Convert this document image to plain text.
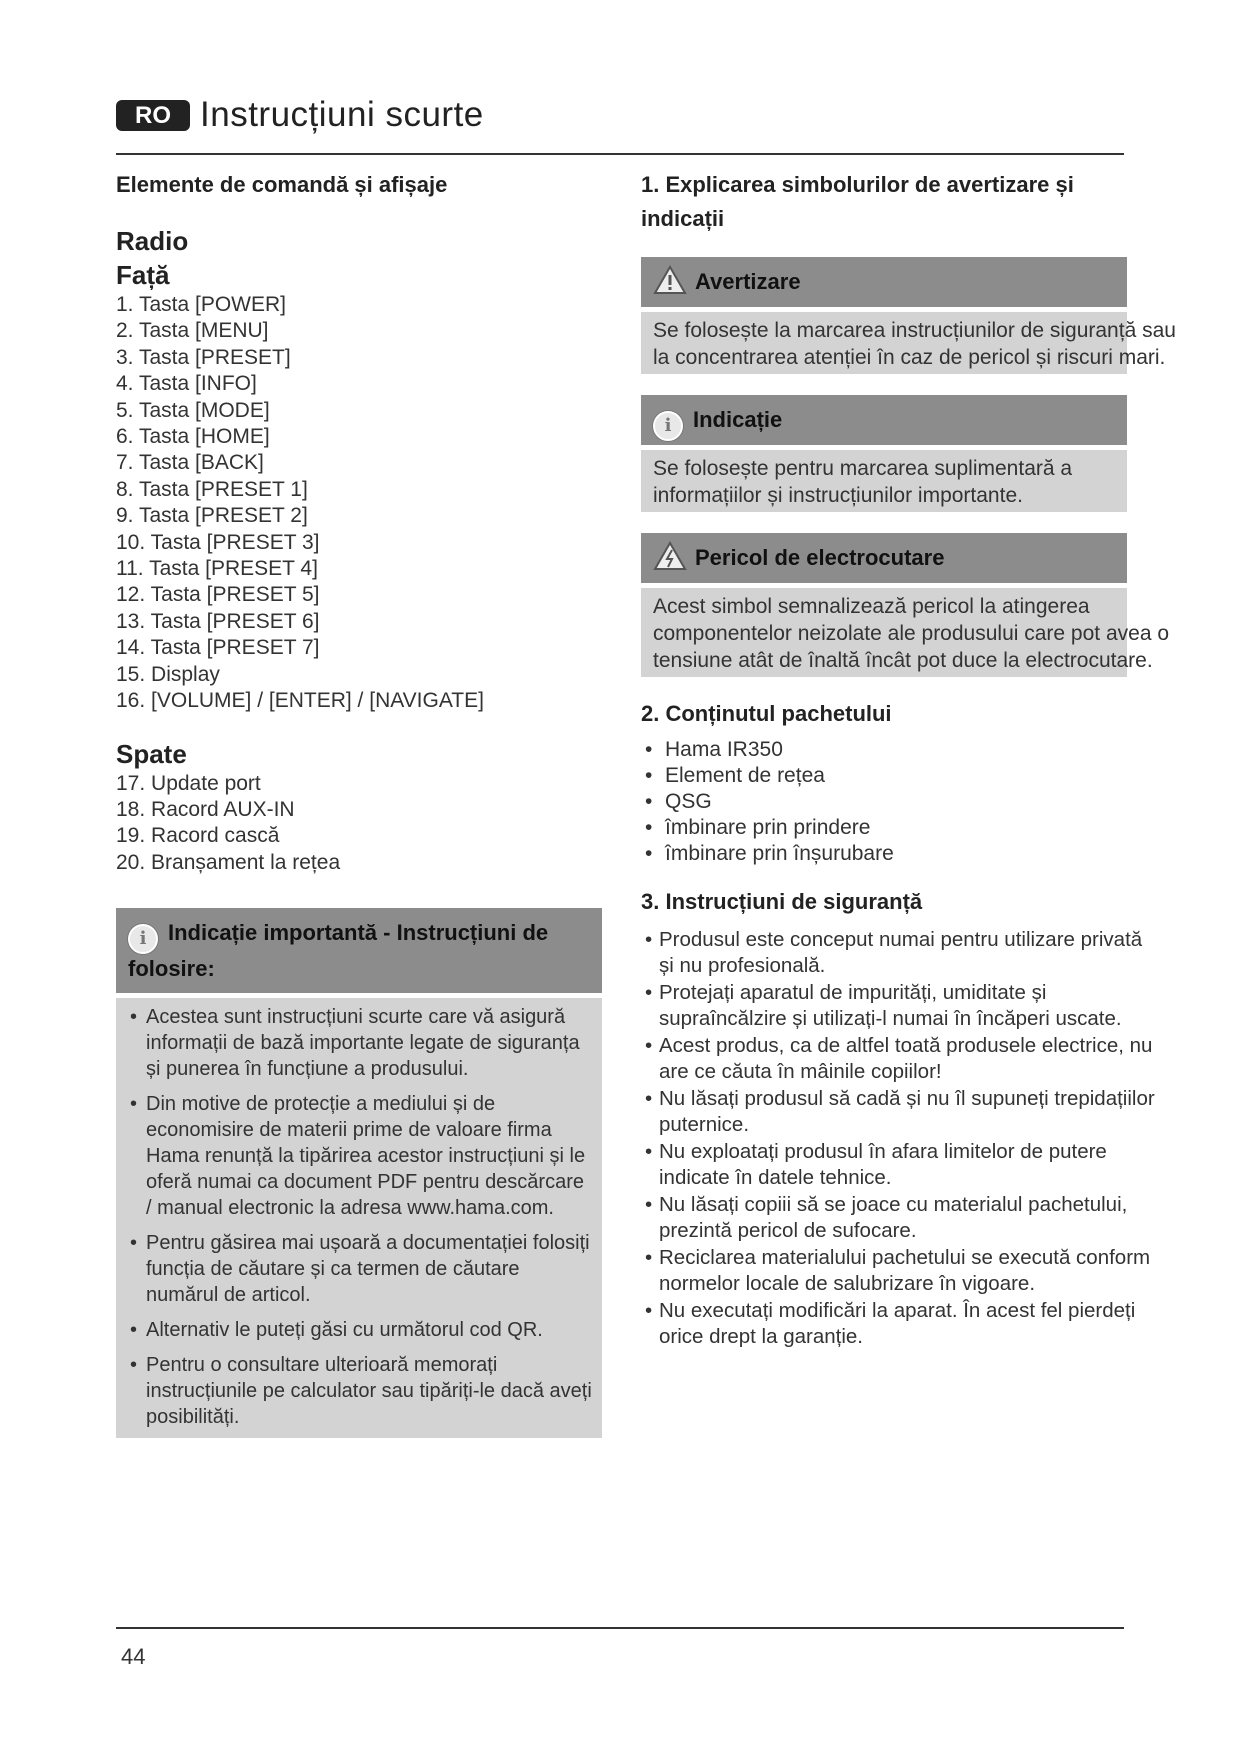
RO Instrucțiuni scurte
Elemente de comandă și afișaje
Radio
Față
1. Tasta [POWER]
2. Tasta [MENU]
3. Tasta [PRESET]
4. Tasta [INFO]
5. Tasta [MODE]
6. Tasta [HOME]
7. Tasta [BACK]
8. Tasta [PRESET 1]
9. Tasta [PRESET 2]
10. Tasta [PRESET 3]
11. Tasta [PRESET 4]
12. Tasta [PRESET 5]
13. Tasta [PRESET 6]
14. Tasta [PRESET 7]
15. Display
16. [VOLUME] / [ENTER] / [NAVIGATE]
Spate
17. Update port
18. Racord AUX-IN
19. Racord cască
20. Branșament la rețea
i Indicație importantă - Instrucțiuni de folosire:
• Acestea sunt instrucțiuni scurte care vă asigură informații de bază importante legate de siguranța și punerea în funcțiune a produsului.
• Din motive de protecție a mediului și de economisire de materii prime de valoare firma Hama renunță la tipărirea acestor instrucțiuni și le oferă numai ca document PDF pentru descărcare / manual electronic la adresa www.hama.com.
• Pentru găsirea mai ușoară a documentației folosiți funcția de căutare și ca termen de căutare numărul de articol.
• Alternativ le puteți găsi cu următorul cod QR.
• Pentru o consultare ulterioară memorați instrucțiunile pe calculator sau tipăriți-le dacă aveți posibilități.
1. Explicarea simbolurilor de avertizare și indicații
Avertizare
Se folosește la marcarea instrucțiunilor de siguranță sau
la concentrarea atenției în caz de pericol și riscuri mari.
i Indicație
Se folosește pentru marcarea suplimentară a
informațiilor și instrucțiunilor importante.
Pericol de electrocutare
Acest simbol semnalizează pericol la atingerea
componentelor neizolate ale produsului care pot avea o
tensiune atât de înaltă încât pot duce la electrocutare.
2. Conținutul pachetului
• Hama IR350
• Element de rețea
• QSG
• îmbinare prin prindere
• îmbinare prin înșurubare
3. Instrucțiuni de siguranță
• Produsul este conceput numai pentru utilizare privată și nu profesională.
• Protejați aparatul de impurități, umiditate și supraîncălzire și utilizați-l numai în încăperi uscate.
• Acest produs, ca de altfel toată produsele electrice, nu are ce căuta în mâinile copiilor!
• Nu lăsați produsul să cadă și nu îl supuneți trepidațiilor puternice.
• Nu exploatați produsul în afara limitelor de putere indicate în datele tehnice.
• Nu lăsați copiii să se joace cu materialul pachetului, prezintă pericol de sufocare.
• Reciclarea materialului pachetului se execută conform normelor locale de salubrizare în vigoare.
• Nu executați modificări la aparat. În acest fel pierdeți orice drept la garanție.
44
